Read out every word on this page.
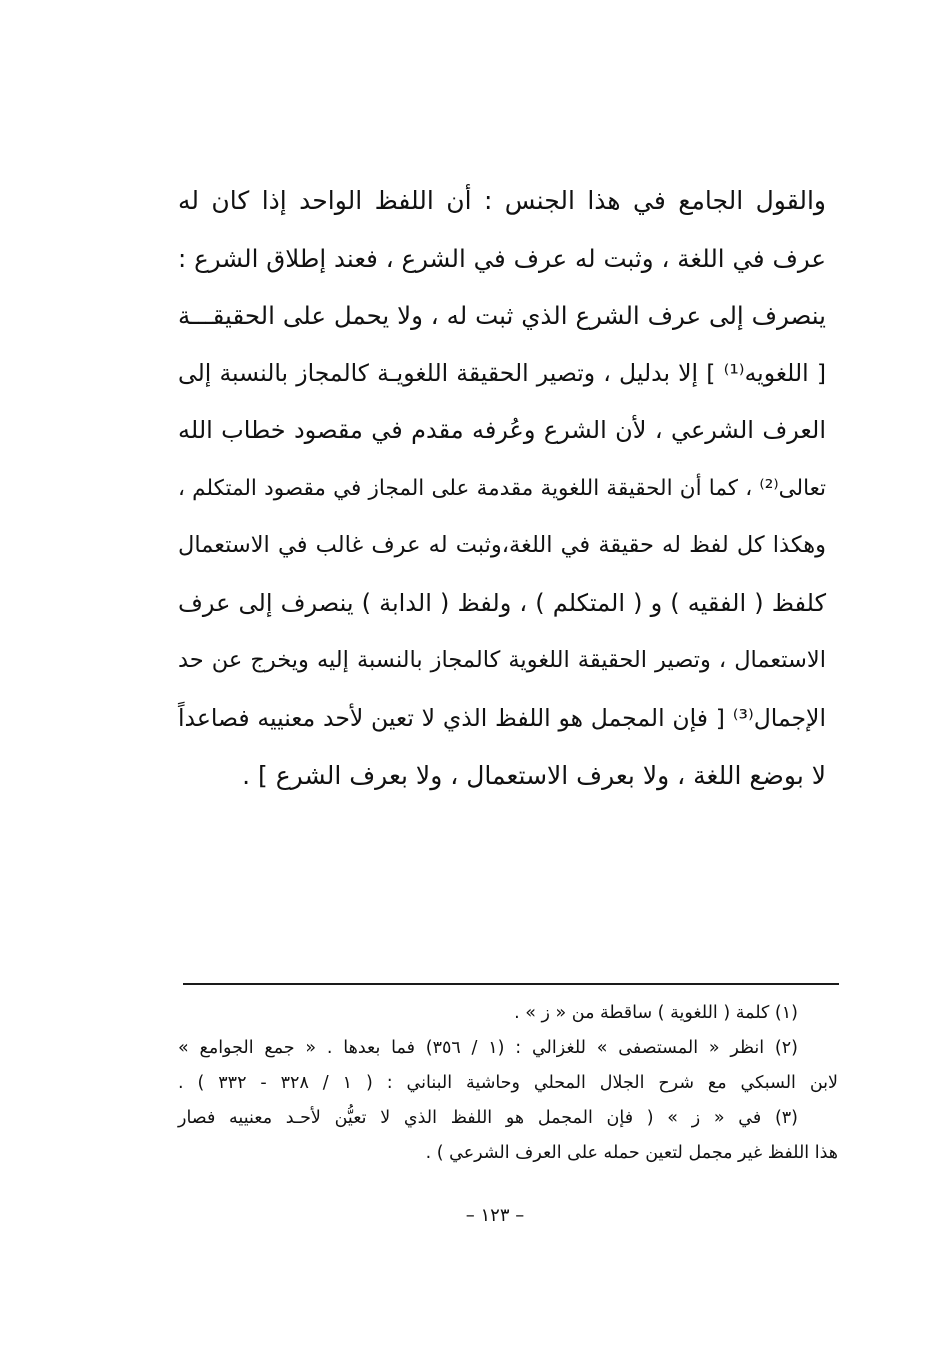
والقول الجامع في هذا الجنس : أن اللفظ الواحد إذا كان له
عرف في اللغة ، وثبت له عرف في الشرع ، فعند إطلاق الشرع :
ينصرف إلى عرف الشرع الذي ثبت له ، ولا يحمل على الحقيقـــة
[ اللغويه⁽¹⁾ ] إلا بدليل ، وتصير الحقيقة اللغويـة كالمجاز بالنسبة إلى
العرف الشرعي ، لأن الشرع وعُرفه مقدم في مقصود خطاب الله
تعالى⁽²⁾ ، كما أن الحقيقة اللغوية مقدمة على المجاز في مقصود المتكلم ،
وهكذا كل لفظ له حقيقة في اللغة،وثبت له عرف غالب في الاستعمال
كلفظ ( الفقيه ) و ( المتكلم ) ، ولفظ ( الدابة ) ينصرف إلى عرف
الاستعمال ، وتصير الحقيقة اللغوية كالمجاز بالنسبة إليه ويخرج عن حد
الإجمال⁽³⁾ [ فإن المجمل هو اللفظ الذي لا تعين لأحد معنييه فصاعداً
لا بوضع اللغة ، ولا بعرف الاستعمال ، ولا بعرف الشرع ] .
(١) كلمة ( اللغوية ) ساقطة من « ز » .
(٢) انظر « المستصفى » للغزالي : (١ / ٣٥٦) فما بعدها . « جمع الجوامع »
لابن السبكي مع شرح الجلال المحلي وحاشية البناني : ( ١ / ٣٢٨ - ٣٣٢ ) .
(٣) في « ز » ( فإن المجمل هو اللفظ الذي لا تعيُّن لأحـد معنييه فصار
هذا اللفظ غير مجمل لتعين حمله على العرف الشرعي ) .
– ١٢٣ –
